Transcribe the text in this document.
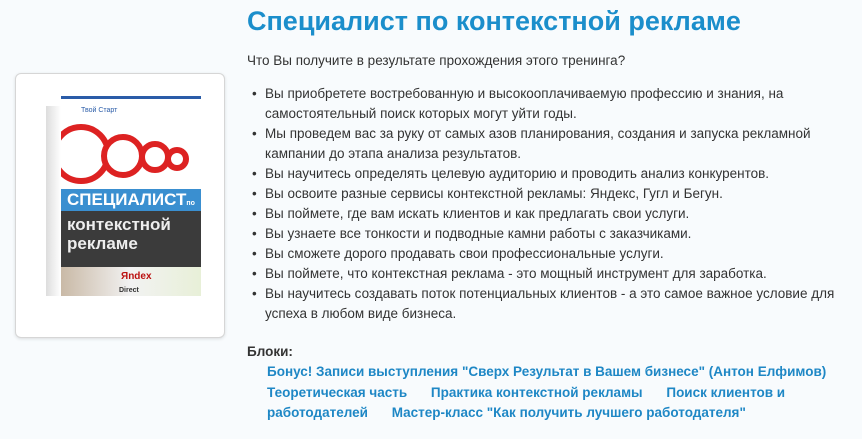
Твой Старт
СПЕЦИАЛИСТпо
контекстной
рекламе
Яndex
Direct
Специалист по контекстной рекламе
Что Вы получите в результате прохождения этого тренинга?
• Вы приобретете востребованную и высокооплачиваемую профессию и знания, на самостоятельный поиск которых могут уйти годы.
• Мы проведем вас за руку от самых азов планирования, создания и запуска рекламной кампании до этапа анализа результатов.
• Вы научитесь определять целевую аудиторию и проводить анализ конкурентов.
• Вы освоите разные сервисы контекстной рекламы: Яндекс, Гугл и Бегун.
• Вы поймете, где вам искать клиентов и как предлагать свои услуги.
• Вы узнаете все тонкости и подводные камни работы с заказчиками.
• Вы сможете дорого продавать свои профессиональные услуги.
• Вы поймете, что контекстная реклама - это мощный инструмент для заработка.
• Вы научитесь создавать поток потенциальных клиентов - а это самое важное условие для успеха в любом виде бизнеса.
Блоки:
Бонус! Записи выступления "Сверх Результат в Вашем бизнесе" (Антон Елфимов)
Теоретическая часть Практика контекстной рекламы Поиск клиентов и работодателей Мастер-класс "Как получить лучшего работодателя"
